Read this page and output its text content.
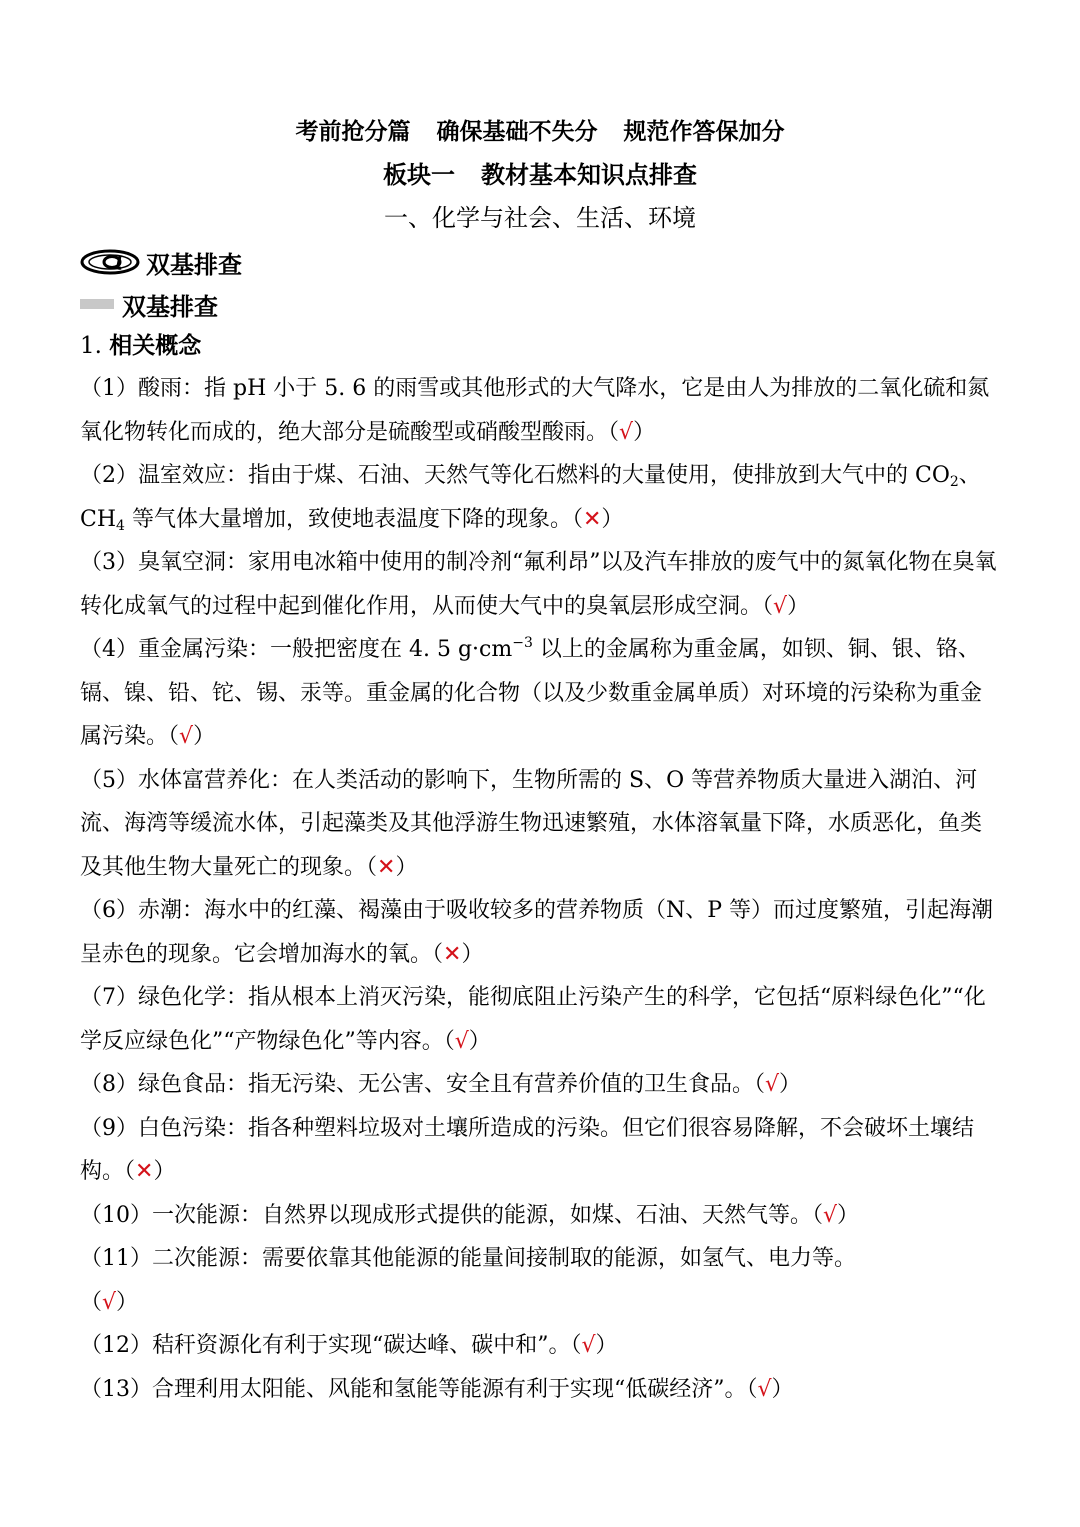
考前抢分篇 确保基础不失分 规范作答保加分
板块一 教材基本知识点排查
一、化学与社会、生活、环境
双基排查
双基排查
1. 相关概念

（1）酸雨：指 pH 小于 5. 6 的雨雪或其他形式的大气降水，它是由人为排放的二氧化硫和氮氧化物转化而成的，绝大部分是硫酸型或硝酸型酸雨。（√）

（2）温室效应：指由于煤、石油、天然气等化石燃料的大量使用，使排放到大气中的 $CO_2$、$CH_4$ 等气体大量增加，致使地表温度下降的现象。（✕）

（3）臭氧空洞：家用电冰箱中使用的制冷剂“氟利昂”以及汽车排放的废气中的氮氧化物在臭氧转化成氧气的过程中起到催化作用，从而使大气中的臭氧层形成空洞。（√）

（4）重金属污染：一般把密度在 4. 5 $g\cdot cm^{-3}$ 以上的金属称为重金属，如钡、铜、银、铬、镉、镍、铅、铊、锡、汞等。重金属的化合物（以及少数重金属单质）对环境的污染称为重金属污染。（√）

（5）水体富营养化：在人类活动的影响下，生物所需的 S、O 等营养物质大量进入湖泊、河流、海湾等缓流水体，引起藻类及其他浮游生物迅速繁殖，水体溶氧量下降，水质恶化，鱼类及其他生物大量死亡的现象。（✕）

（6）赤潮：海水中的红藻、褐藻由于吸收较多的营养物质（N、P 等）而过度繁殖，引起海潮呈赤色的现象。它会增加海水的氧。（✕）

（7）绿色化学：指从根本上消灭污染，能彻底阻止污染产生的科学，它包括“原料绿色化”“化学反应绿色化”“产物绿色化”等内容。（√）

（8）绿色食品：指无污染、无公害、安全且有营养价值的卫生食品。（√）

（9）白色污染：指各种塑料垃圾对土壤所造成的污染。但它们很容易降解，不会破坏土壤结构。（✕）

（10）一次能源：自然界以现成形式提供的能源，如煤、石油、天然气等。（√）

（11）二次能源：需要依靠其他能源的能量间接制取的能源，如氢气、电力等。
（√）

（12）秸秆资源化有利于实现“碳达峰、碳中和”。（√）

（13）合理利用太阳能、风能和氢能等能源有利于实现“低碳经济”。（√）
